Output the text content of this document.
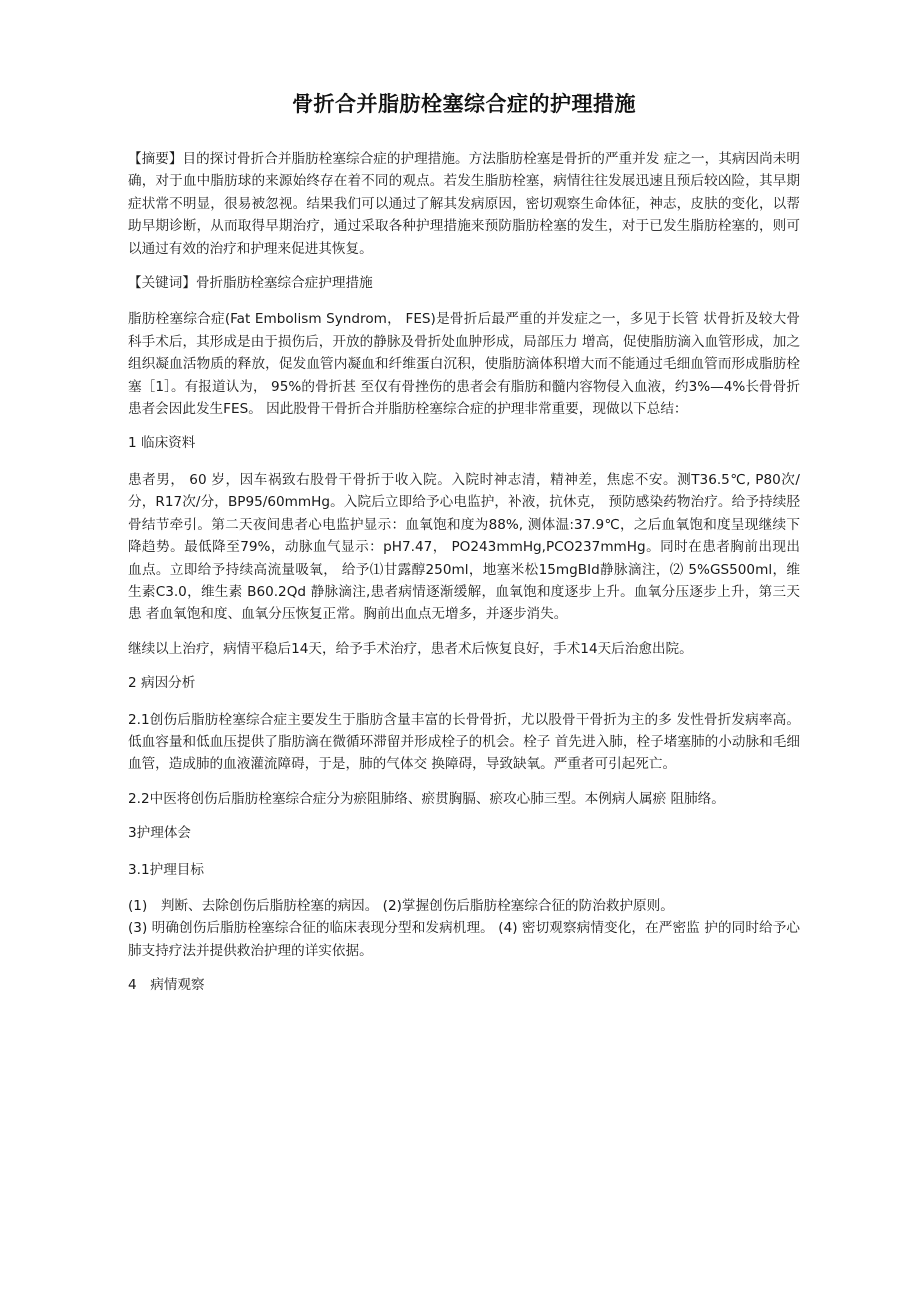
骨折合并脂肪栓塞综合症的护理措施

【摘要】目的探讨骨折合并脂肪栓塞综合症的护理措施。方法脂肪栓塞是骨折的严重并发 症之一，其病因尚未明确，对于血中脂肪球的来源始终存在着不同的观点。若发生脂肪栓塞，病情往往发展迅速且预后较凶险，其早期症状常不明显，很易被忽视。结果我们可以通过了解其发病原因，密切观察生命体征，神志，皮肤的变化，以帮助早期诊断，从而取得早期治疗，通过采取各种护理措施来预防脂肪栓塞的发生，对于已发生脂肪栓塞的，则可以通过有效的治疗和护理来促进其恢复。

【关键词】骨折脂肪栓塞综合症护理措施

脂肪栓塞综合症(Fat Embolism Syndrom， FES)是骨折后最严重的并发症之一，多见于长管 状骨折及较大骨科手术后，其形成是由于损伤后，开放的静脉及骨折处血肿形成，局部压力 增高，促使脂肪滴入血管形成，加之组织凝血活物质的释放，促发血管内凝血和纤维蛋白沉积，使脂肪滴体积增大而不能通过毛细血管而形成脂肪栓塞［1］。有报道认为， 95%的骨折甚 至仅有骨挫伤的患者会有脂肪和髓内容物侵入血液，约3%—4%长骨骨折患者会因此发生FES。 因此股骨干骨折合并脂肪栓塞综合症的护理非常重要，现做以下总结：

1 临床资料

患者男， 60 岁，因车祸致右股骨干骨折于收入院。入院时神志清，精神差，焦虑不安。测T36.5℃, P80次/分，R17次/分，BP95/60mmHg。入院后立即给予心电监护，补液，抗休克， 预防感染药物治疗。给予持续胫骨结节牵引。第二天夜间患者心电监护显示：血氧饱和度为88%, 测体温:37.9℃，之后血氧饱和度呈现继续下降趋势。最低降至79%，动脉血气显示：pH7.47， PO243mmHg,PCO237mmHg。同时在患者胸前出现出血点。立即给予持续高流量吸氧， 给予⑴甘露醇250ml，地塞米松15mgBId静脉滴注，⑵ 5%GS500ml，维生素C3.0，维生素 B60.2Qd 静脉滴注,患者病情逐渐缓解，血氧饱和度逐步上升。血氧分压逐步上升，第三天患 者血氧饱和度、血氧分压恢复正常。胸前出血点无增多，并逐步消失。

继续以上治疗，病情平稳后14天，给予手术治疗，患者术后恢复良好，手术14天后治愈出院。

2 病因分析

2.1创伤后脂肪栓塞综合症主要发生于脂肪含量丰富的长骨骨折，尤以股骨干骨折为主的多 发性骨折发病率高。低血容量和低血压提供了脂肪滴在微循环滞留并形成栓子的机会。栓子 首先进入肺，栓子堵塞肺的小动脉和毛细血管，造成肺的血液灌流障碍，于是，肺的气体交 换障碍，导致缺氧。严重者可引起死亡。

2.2中医将创伤后脂肪栓塞综合症分为瘀阻肺络、瘀贯胸膈、瘀攻心肺三型。本例病人属瘀 阻肺络。

3护理体会

3.1护理目标

(1)　判断、去除创伤后脂肪栓塞的病因。 (2)掌握创伤后脂肪栓塞综合征的防治救护原则。

(3) 明确创伤后脂肪栓塞综合征的临床表现分型和发病机理。 (4) 密切观察病情变化，在严密监 护的同时给予心肺支持疗法并提供救治护理的详实依据。

4　病情观察
